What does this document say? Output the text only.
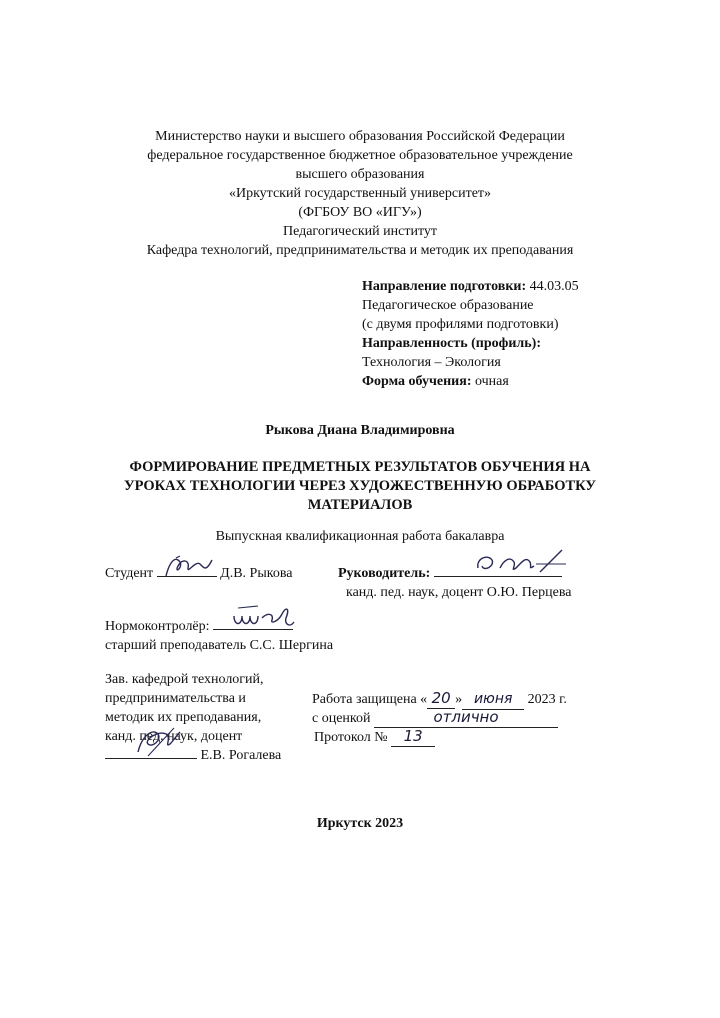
Министерство науки и высшего образования Российской Федерации
федеральное государственное бюджетное образовательное учреждение
высшего образования
«Иркутский государственный университет»
(ФГБОУ ВО «ИГУ»)
Педагогический институт
Кафедра технологий, предпринимательства и методик их преподавания
Направление подготовки: 44.03.05
Педагогическое образование
(с двумя профилями подготовки)
Направленность (профиль):
Технология – Экология
Форма обучения: очная
Рыкова Диана Владимировна
ФОРМИРОВАНИЕ ПРЕДМЕТНЫХ РЕЗУЛЬТАТОВ ОБУЧЕНИЯ НА
УРОКАХ ТЕХНОЛОГИИ ЧЕРЕЗ ХУДОЖЕСТВЕННУЮ ОБРАБОТКУ
МАТЕРИАЛОВ
Выпускная квалификационная работа бакалавра
Студент	Д.В. Рыкова	Руководитель:
канд. пед. наук, доцент О.Ю. Перцева
Нормоконтролёр:
старший преподаватель С.С. Шергина
Зав. кафедрой технологий,
предпринимательства и
методик их преподавания,
канд. пед. наук, доцент
Е.В. Рогалева
Работа защищена « 20 » июня 2023 г.
с оценкой	отлично
Протокол № 13
Иркутск 2023
